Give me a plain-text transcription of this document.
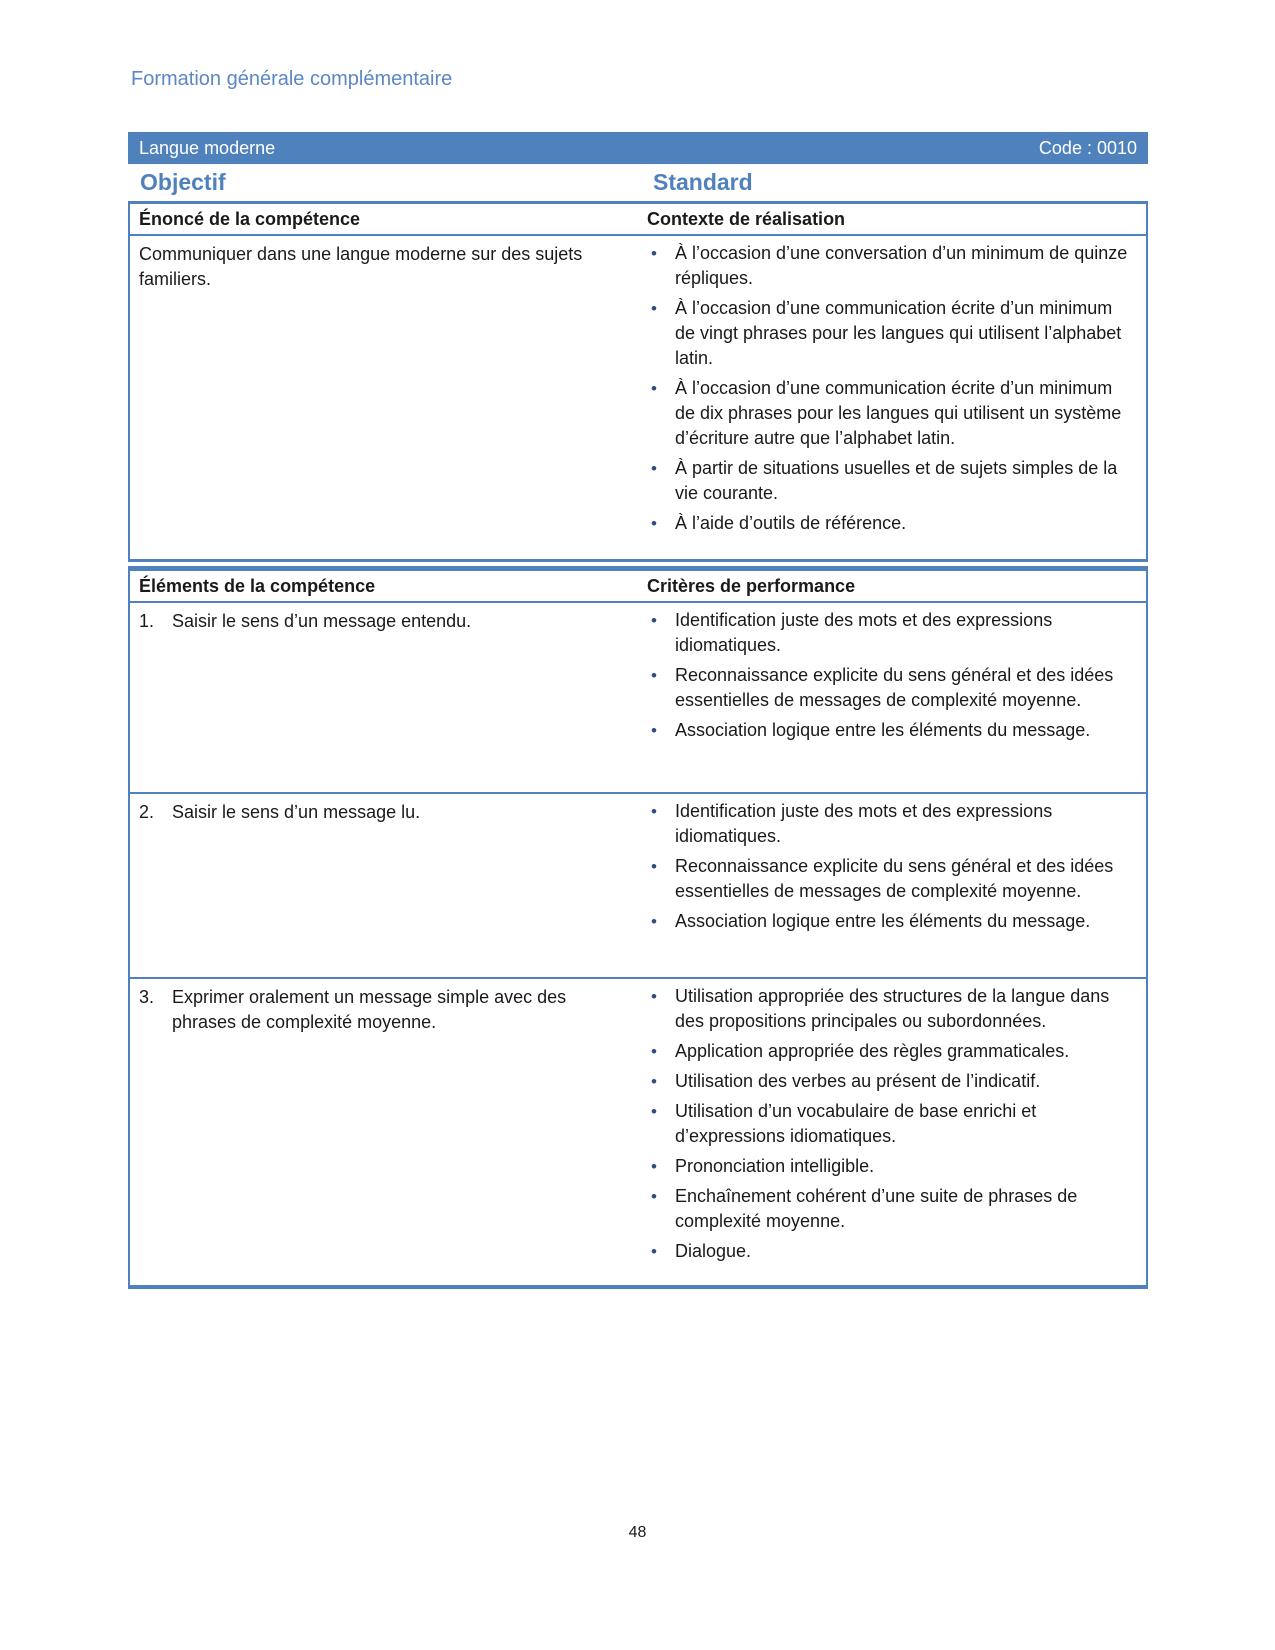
Formation générale complémentaire
Langue moderne	Code : 0010
Objectif	Standard
Énoncé de la compétence	Contexte de réalisation
Communiquer dans une langue moderne sur des sujets familiers.
•	À l’occasion d’une conversation d’un minimum de quinze répliques.
•	À l’occasion d’une communication écrite d’un minimum de vingt phrases pour les langues qui utilisent l’alphabet latin.
•	À l’occasion d’une communication écrite d’un minimum de dix phrases pour les langues qui utilisent un système d’écriture autre que l’alphabet latin.
•	À partir de situations usuelles et de sujets simples de la vie courante.
•	À l’aide d’outils de référence.
Éléments de la compétence	Critères de performance
1. Saisir le sens d’un message entendu.	•	Identification juste des mots et des expressions idiomatiques.
•	Reconnaissance explicite du sens général et des idées essentielles de messages de complexité moyenne.
•	Association logique entre les éléments du message.
2. Saisir le sens d’un message lu.	•	Identification juste des mots et des expressions idiomatiques.
•	Reconnaissance explicite du sens général et des idées essentielles de messages de complexité moyenne.
•	Association logique entre les éléments du message.
3. Exprimer oralement un message simple avec des phrases de complexité moyenne.
•	Utilisation appropriée des structures de la langue dans des propositions principales ou subordonnées.
•	Application appropriée des règles grammaticales.
•	Utilisation des verbes au présent de l’indicatif.
•	Utilisation d’un vocabulaire de base enrichi et d’expressions idiomatiques.
•	Prononciation intelligible.
•	Enchaînement cohérent d’une suite de phrases de complexité moyenne.
•	Dialogue.
48
